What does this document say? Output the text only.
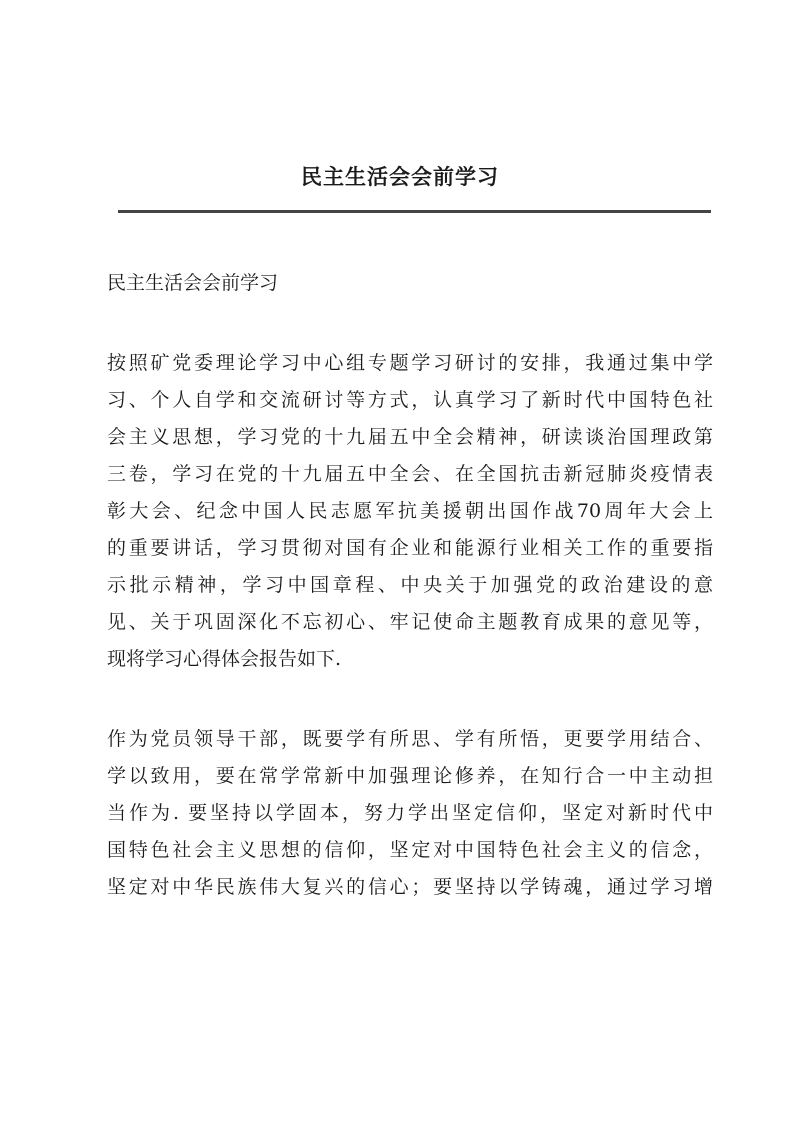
民主生活会会前学习
民主生活会会前学习
按照矿党委理论学习中心组专题学习研讨的安排，我通过集中学
习、个人自学和交流研讨等方式，认真学习了新时代中国特色社
会主义思想，学习党的十九届五中全会精神，研读谈治国理政第
三卷，学习在党的十九届五中全会、在全国抗击新冠肺炎疫情表
彰大会、纪念中国人民志愿军抗美援朝出国作战70周年大会上
的重要讲话，学习贯彻对国有企业和能源行业相关工作的重要指
示批示精神，学习中国章程、中央关于加强党的政治建设的意
见、关于巩固深化不忘初心、牢记使命主题教育成果的意见等，
现将学习心得体会报告如下.
作为党员领导干部，既要学有所思、学有所悟，更要学用结合、
学以致用，要在常学常新中加强理论修养，在知行合一中主动担
当作为. 要坚持以学固本，努力学出坚定信仰，坚定对新时代中
国特色社会主义思想的信仰，坚定对中国特色社会主义的信念，
坚定对中华民族伟大复兴的信心；要坚持以学铸魂，通过学习增
